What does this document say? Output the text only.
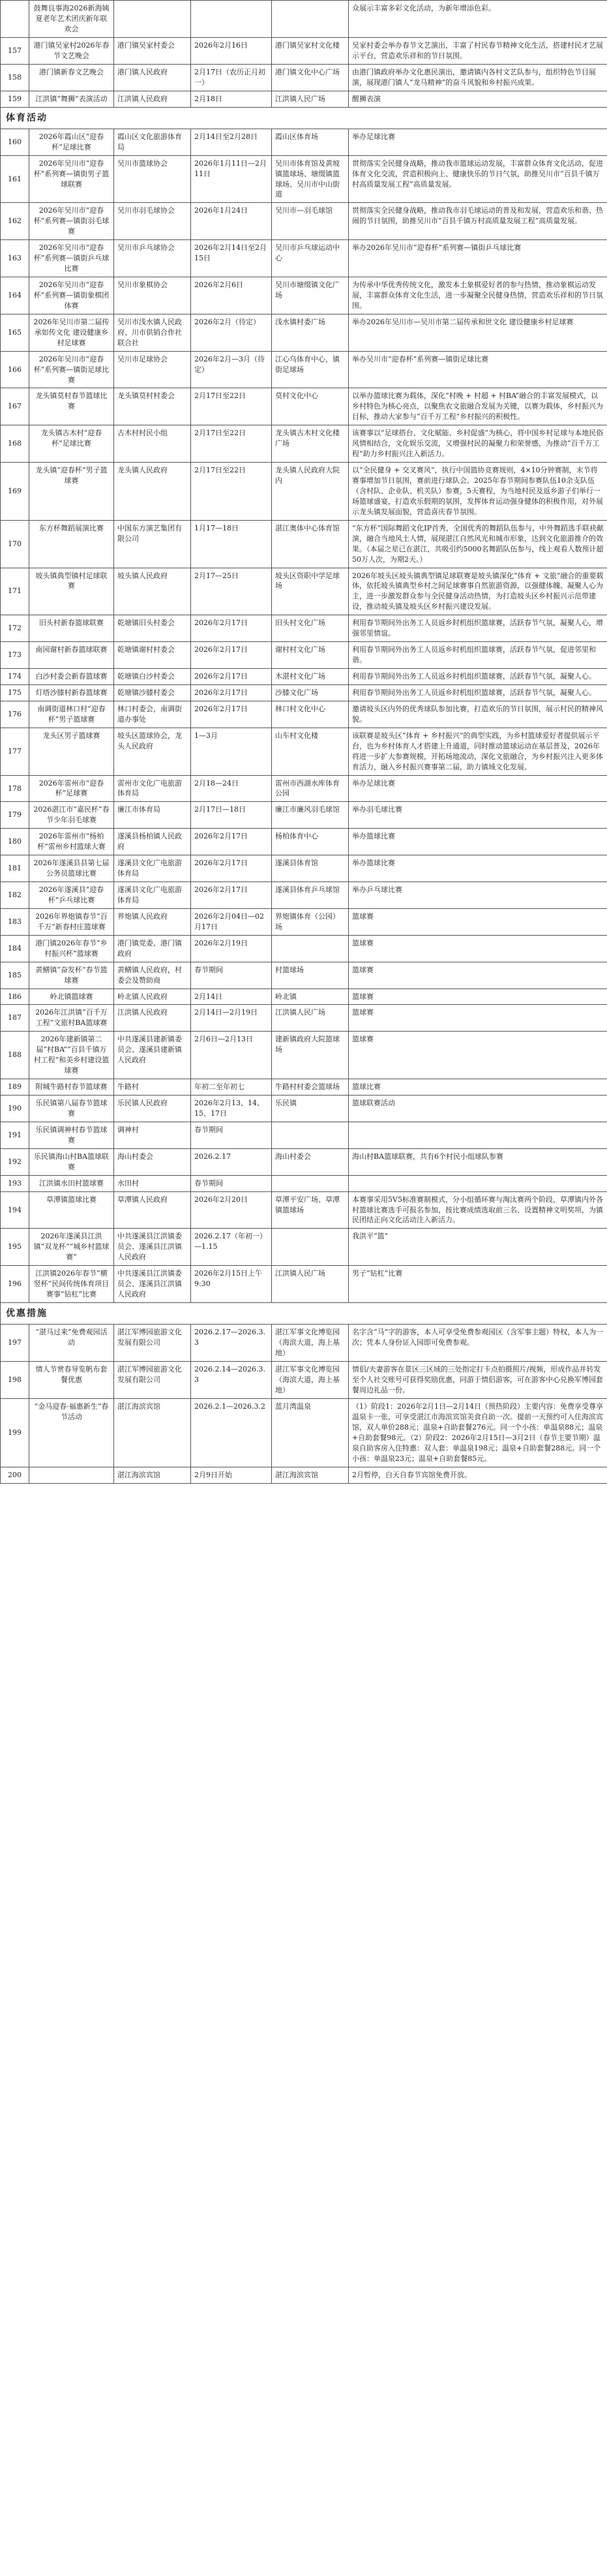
	鼓舞良事海2026新海姨夏老年艺术团庆新年联欢会				众展示丰富多彩文化活动，为新年增添色彩。
157	港门镇吴家村2026年春节文艺晚会	港门镇吴家村委会	2026年2月16日	港门镇吴家村文化楼	吴家村委会举办春节文艺演出，丰富了村民春节精神文化生活，搭建村民才艺展示平台，营造欢乐祥和的节日氛围。
158	港门镇新春文艺晚会	港门镇人民政府	2月17日（农历正月初一）	港门镇文化中心广场	由港门镇政府举办文化惠民演出，邀请镇内各村文艺队参与，组织特色节目展演，展现港门镇人“龙马精神”的奋斗风貌和乡村振兴成果。
159	江洪镇“舞狮”表演活动	江洪镇人民政府	2月18日	江洪镇人民广场	醒狮表演
体育活动					
160	2026年霞山区“迎春杯”足球比赛	霞山区文化旅游体育局	2月14日至2月28日	霞山区体育场	举办足球比赛
161	2026年吴川市“迎春杯”系列赛—镇街男子篮球联赛	吴川市篮球协会	2026年1月11日—2月11日	吴川市体育馆及黄坡镇篮球场、塘缀镇篮球场、吴川市中山街道	贯彻落实全民健身战略，推动我市篮球运动发展，丰富群众体育文化活动，促进体育文化交流，营造积极向上、健康快乐的节日气氛，助推吴川市“百县千镇万村高质量发展工程”高质量发展。
162	2026年吴川市“迎春杯”系列赛—镇街羽毛球赛	吴川市羽毛球协会	2026年1月24日	吴川市—羽毛球馆	贯彻落实全民健身战略，推动我市羽毛球运动的普及和发展，营造欢乐和谐、热闹的节日氛围，助推吴川市“百县千镇万村高质量发展工程”高质量发展。
163	2026年吴川市“迎春杯”系列赛—镇街乒乓球比赛	吴川市乒乓球协会	2026年2月14日至2月15日	吴川市乒乓球运动中心	举办2026年吴川市“迎春杯”系列赛—镇街乒乓球比赛
164	2026年吴川市“迎春杯”系列赛—镇街象棋团体赛	吴川市象棋协会	2026年2月6日	吴川市塘缀镇文化广场	为传承中华优秀传统文化，激发本土象棋爱好者的参与热情，推动象棋运动发展，丰富群众体育文化生活，进一步凝聚全民健身热情，营造欢乐祥和的节日氛围。
165	2026年吴川市第二届传承如传文化 建设健康乡村足球赛	吴川市浅水镇人民政府、川市供销合作社联合社	2026年2月（待定）	浅水镇村委广场	举办2026年吴川市—吴川市第二届传承和世文化 建设健康乡村足球赛
166	2026年吴川市“迎春杯”系列赛—镇街足球比赛	吴川市足球协会	2026年2月—3月（待定）	江心乌体育中心，镇街足球场	举办吴川市“迎春杯”系列赛—镇街足球比赛
167	龙头镇莫村春节篮球比赛	龙头镇莫村村委会	2月17日至22日	莫村文化中心	以举办篮球比赛为载体，深化“村晚 + 村超 + 村BA”融合的丰富发展模式，以乡村特色为核心亮点，以聚焦农文旅融合发展为关键，以赛为载体，乡村振兴为目标，推动大家参与“百千万工程”乡村振兴的积极性。
168	龙头镇古木村“迎春杯”足球比赛	古木村村民小组	2月17日至22日	龙头镇古木村文化楼广场	该赛事以“足球搭台、文化赋能、乡村促盛”为核心，将中国乡村足球与本地民俗风情相结合，文化娱乐交流，又增强村民的凝聚力和荣誉感，为推动“百千万工程”助力乡村振兴注入新活力。
169	龙头镇“迎春杯”男子篮球赛	龙头镇人民政府	2月17日至22日	龙头镇人民政府大院内	以“全民健身 + 交叉赛风”，执行中国篮协竞赛规则，4×10分钟赛制，末节将赛事增加节日氛围，赛前进行球队会。2025年春节期间参赛队伍10余支队伍（含村队、企业队、机关队）参赛，5天赛程，为当地村民及返乡游子们举行一场篮球盛宴，打造欢乐假期的氛围，发挥体育运动强身健体的积极作用，对外展示龙头镇发展面貌，营造喜庆春节氛围。
170	东方杯舞蹈展演比赛	中国东方演艺集团有限公司	1月17—18日	湛江奥体中心体育馆	“东方杯”国际舞蹈文化IP首秀，全国优秀的舞蹈队伍参与，中外舞蹈选手联袂献演，融合当地风土人情，展现湛江自然风光和城市形象，达到文化旅游推介的效果。（本届之星已在湛江，共吸引约5000名舞蹈队伍参与，线上观看人数预计超50万人次，为期2天。）
171	坡头镇典型镇村足球联赛	坡头镇人民政府	2月17—25日	坡头区资职中学足球场	2026年坡头区坡头镇典型镇足球联赛是坡头镇深化“体育 + 文旅”融合的重要载体，依托坡头镇典型乡村之间足球赛事自然旅游资源，以强健体魄、凝聚人心为主，进一步激发群众参与全民健身活动热情，为打造坡头区乡村振兴示范带建设，推动坡头镇及坡头区乡村振兴建设发展。
172	旧头村新春篮球联赛	乾塘镇旧头村委会	2026年2月17日	旧头村文化广场	利用春节期间外出务工人员返乡时机组织篮球赛，活跃春节气氛，凝聚人心，增强邻里情谊。
173	南园谢村新春篮球联赛	乾塘镇谢村村委会	2026年2月17日	谢村村文化广场	利用春节期间外出务工人员返乡时机组织篮球赛，活跃春节气氛，促进邻里和谐。
174	白沙村委会新春篮球赛	乾塘镇白沙村委会	2026年2月17日	木湛村文化广场	利用春节期间外出务工人员返乡时机组织篮球赛，活跃春节气氛，凝聚人心。
175	灯塔沙膝村新春篮球赛	乾塘镇沙膝村委会	2026年2月17日	沙膝文化广场	利用春节期间外出务工人员返乡时机组织篮球赛，活跃春节气氛，凝聚人心。
176	南调街道林口村“迎春杯”男子篮球赛	林口村委会，南调街道办事处	2026年2月17日	林口村文化中心	邀请坡头区内外的优秀球队参加比赛，打造欢乐的节日氛围，展示村民的精神风貌。
177	龙头区男子篮球赛	坡头区篮球协会，龙头人民政府	1—3月	山车村文化楼	该联赛是坡头区“体育 + 乡村振兴”的典型实践，为乡村篮球爱好者提供展示平台，也为乡村体育人才搭建上升通道，同时推动篮球运动在基层普及，2026年将进一步扩大参赛规模，开拓场地流动，深化文旅融合，为乡村振兴注入更多体育活力，融入乡村振兴赛事第二届，助力镇域文化发展。
178	2026年雷州市“迎春杯”足球赛	雷州市文化广电旅游体育局	2月18—24日	雷州市西湖水库体育公园	举办足球比赛
179	2026湛江市“嘉民杯”春节少年羽毛球赛	廉江市体育局	2月17日—18日	廉江市廉风羽毛球馆	举办羽毛球比赛
180	2026年雷州市“杨柏杯”雷州乡村篮球大赛	遂溪县杨柏镇人民政府	2026年2月17日	杨柏体育中心	举办篮球比赛
181	2026年遂溪县县第七届公务员篮球比赛	遂溪县文化广电旅游体育局	2026年2月17日	遂溪县体育馆	举办篮球比赛
182	2026年遂溪县“迎春杯”乒乓球比赛	遂溪县文化广电旅游体育局	2026年2月17日	遂溪县体育乒乓球馆	举办乒乓球比赛
183	2026年界炮镇春节“百千万”新春村庄篮球赛	界炮镇人民政府	2026年2月04日—02月17日	界炮镇体育（公园）场	篮球赛
184	港门镇2026年春节“乡村振兴杯”篮球赛	港门镇党委、港门镇政府	2026年2月19日		篮球赛
185	黄鳝镇“奋发杯”春节篮球赛	黄鳝镇人民政府，村委会及赞助商	春节期间	村篮球场	篮球赛
186	岭北镇篮球赛	岭北镇人民政府	2月14日	岭北镇	篮球赛
187	2026年江洪镇“百千万工程”文旅村BA篮球赛	江洪镇人民政府	2月14日—2月19日	江洪镇人民广场	篮球赛
188	2026年建新镇第二届“村BA”“百县千镇万村工程”和美乡村建设篮球赛	中共遂溪县建新镇委员会、遂溪县建新镇人民政府	2月6日—2月13日	建新镇政府大院篮球场	篮球赛
189	附城牛路村春节篮球赛	牛路村	年初二至年初七	牛路村村委会篮球场	篮球比赛
190	乐民镇第八届春节篮球赛	乐民镇人民政府	2026年2月13、14、15、17日	乐民镇	篮球联赛活动
191	乐民镇调神村春节篮球赛	调神村	春节期间		
192	乐民镇海山村BA篮球联赛	海山村委会	2026.2.17	海山村委会	海山村BA篮球联赛，共有6个村民小组球队参赛
193	江洪镇水田村篮球赛	水田村	春节期间		
194	草潭镇篮球比赛	草潭镇人民政府	2026年2月20日	草潭平安广场、草潭镇篮球场	本赛事采用5V5标准赛制模式，分小组循环赛与淘汰赛两个阶段，草潭镇内外各村篮球比赛选手可报名参加，按比赛成绩选取前三名、设置精神文明奖项，为镇民团结正向文化活动注入新活力。
195	2026年遂溪县江洪镇“双龙杯”“城乡村篮球赛”	中共遂溪县江洪镇委员会、遂溪县江洪镇人民政府	2026.2.17（年初一）—1.15		我洪平“篮”
196	江洪镇2026年春节“横竖杯”民间传统体育项目赛事“钻杠”比赛	中共遂溪县江洪镇委员会、遂溪县江洪镇人民政府	2026年2月15日上午9:30	江洪镇人民广场	男子“钻杠”比赛
优惠措施					
197	“湛马过来”免费观园活动	湛江军博园旅游文化发展有限公司	2026.2.17—2026.3.3	湛江军事文化博览园（海滨大道，海上基地）	名字含“马”字的游客，本人可享受免费参观园区（含军事主题）特权，本人为一次；凭本人身份证入园即可免费参观。
198	情人节赏春导览帆布套餐优惠	湛江军博园旅游文化发展有限公司	2026.2.14—2026.3.3	湛江军事文化博览园（海滨大道，海上基地）	情侣/夫妻游客在景区三区域的三处指定打卡点拍摄照片/视频，形成作品并转发至个人社交账号可获得奖励优惠，同游于情侣游客，可在游客中心兑换军博园套餐周边礼品一份。
199	“金马迎春·福惠新生”春节活动	湛江海滨宾馆	2026.2.1—2026.3.2	蓝月湾温泉	（1）阶段1：2026年2月1日—2月14日（预热阶段）主要内容：免费享受尊享温泉卡一张，可享受湛江市海滨宾馆美食自助一次。提前一天预约可入住海滨宾馆，双人单价288元；温泉+自助套餐276元。同一个小孩：单温泉88元；温泉+自助套餐98元。（2）阶段2：2026年2月15日—3月2日（春节主要节期）温泉自助客房入住特惠：双人套：单温泉198元；温泉+自助套餐288元。同一个小孩：单温泉23元；温泉+自助套餐85元。
200		湛江海滨宾馆	2月9日开始	湛江海滨宾馆	2月暂停，白天自春节宾馆免费开放。
